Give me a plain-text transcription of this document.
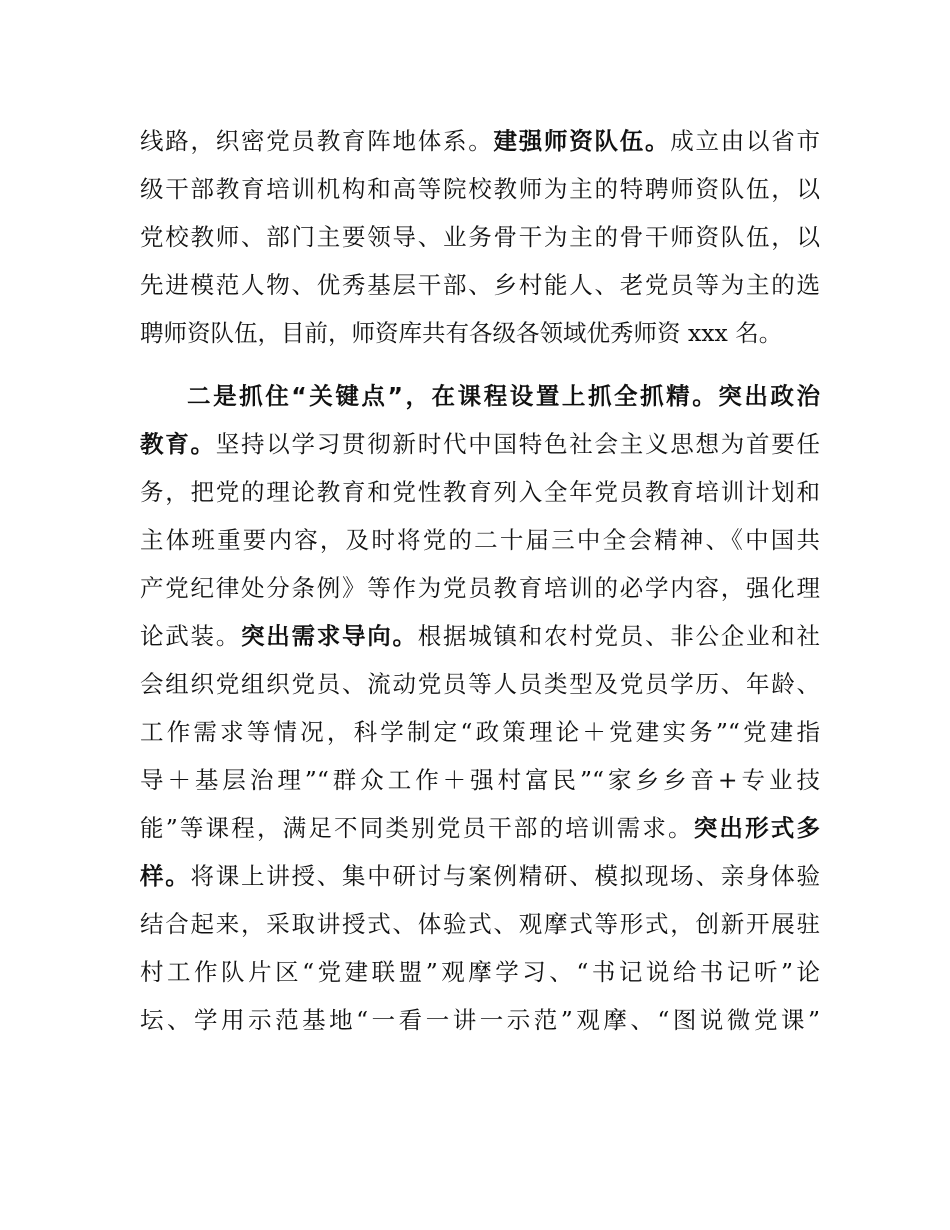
线路，织密党员教育阵地体系。建强师资队伍。成立由以省市
级干部教育培训机构和高等院校教师为主的特聘师资队伍，以
党校教师、部门主要领导、业务骨干为主的骨干师资队伍，以
先进模范人物、优秀基层干部、乡村能人、老党员等为主的选
聘师资队伍，目前，师资库共有各级各领域优秀师资 xxx 名。
二是抓住“关键点”，在课程设置上抓全抓精。突出政治
教育。坚持以学习贯彻新时代中国特色社会主义思想为首要任
务，把党的理论教育和党性教育列入全年党员教育培训计划和
主体班重要内容，及时将党的二十届三中全会精神、《中国共
产党纪律处分条例》等作为党员教育培训的必学内容，强化理
论武装。突出需求导向。根据城镇和农村党员、非公企业和社
会组织党组织党员、流动党员等人员类型及党员学历、年龄、
工作需求等情况，科学制定“政策理论＋党建实务”“党建指
导＋基层治理”“群众工作＋强村富民”“家乡乡音+专业技
能”等课程，满足不同类别党员干部的培训需求。突出形式多
样。将课上讲授、集中研讨与案例精研、模拟现场、亲身体验
结合起来，采取讲授式、体验式、观摩式等形式，创新开展驻
村工作队片区“党建联盟”观摩学习、“书记说给书记听”论
坛、学用示范基地“一看一讲一示范”观摩、“图说微党课”
